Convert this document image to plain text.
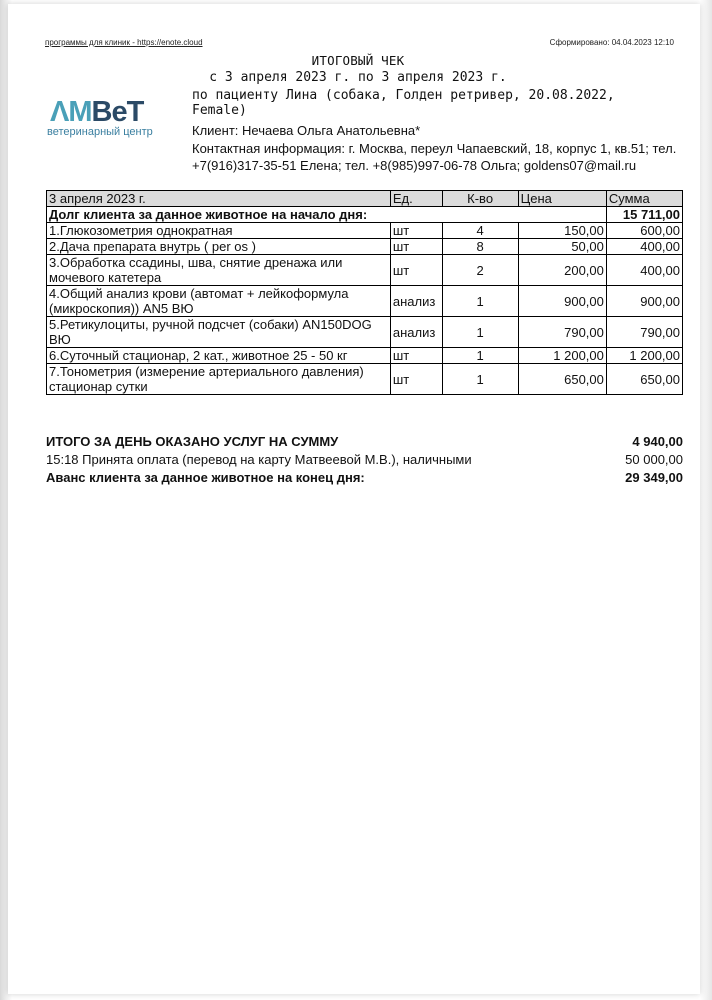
программы для клиник - https://enote.cloud	Сформировано: 04.04.2023 12:10
ИТОГОВЫЙ ЧЕК
с 3 апреля 2023 г. по 3 апреля 2023 г.
по пациенту Лина (собака, Голден ретривер, 20.08.2022, Female)
ΛMВеТ
ветеринарный центр	Клиент: Нечаева Ольга Анатольевна*
Контактная информация: г. Москва, переул Чапаевский, 18, корпус 1, кв.51; тел. +7(916)317-35-51 Елена; тел. +8(985)997-06-78 Ольга; goldens07@mail.ru
3 апреля 2023 г.	Ед.	К-во	Цена	Сумма
Долг клиента за данное животное на начало дня:				15 711,00
1.Глюкозометрия однократная	шт	4	150,00	600,00
2.Дача препарата внутрь ( per os )	шт	8	50,00	400,00
3.Обработка ссадины, шва, снятие дренажа или мочевого катетера	шт	2	200,00	400,00
4.Общий анализ крови (автомат + лейкоформула (микроскопия)) AN5 ВЮ	анализ	1	900,00	900,00
5.Ретикулоциты, ручной подсчет (собаки) AN150DOG ВЮ	анализ	1	790,00	790,00
6.Суточный стационар, 2 кат., животное 25 - 50 кг	шт	1	1 200,00	1 200,00
7.Тонометрия (измерение артериального давления) стационар сутки	шт	1	650,00	650,00
ИТОГО ЗА ДЕНЬ ОКАЗАНО УСЛУГ НА СУММУ	4 940,00
15:18 Принята оплата (перевод на карту Матвеевой М.В.), наличными	50 000,00
Аванс клиента за данное животное на конец дня:	29 349,00
